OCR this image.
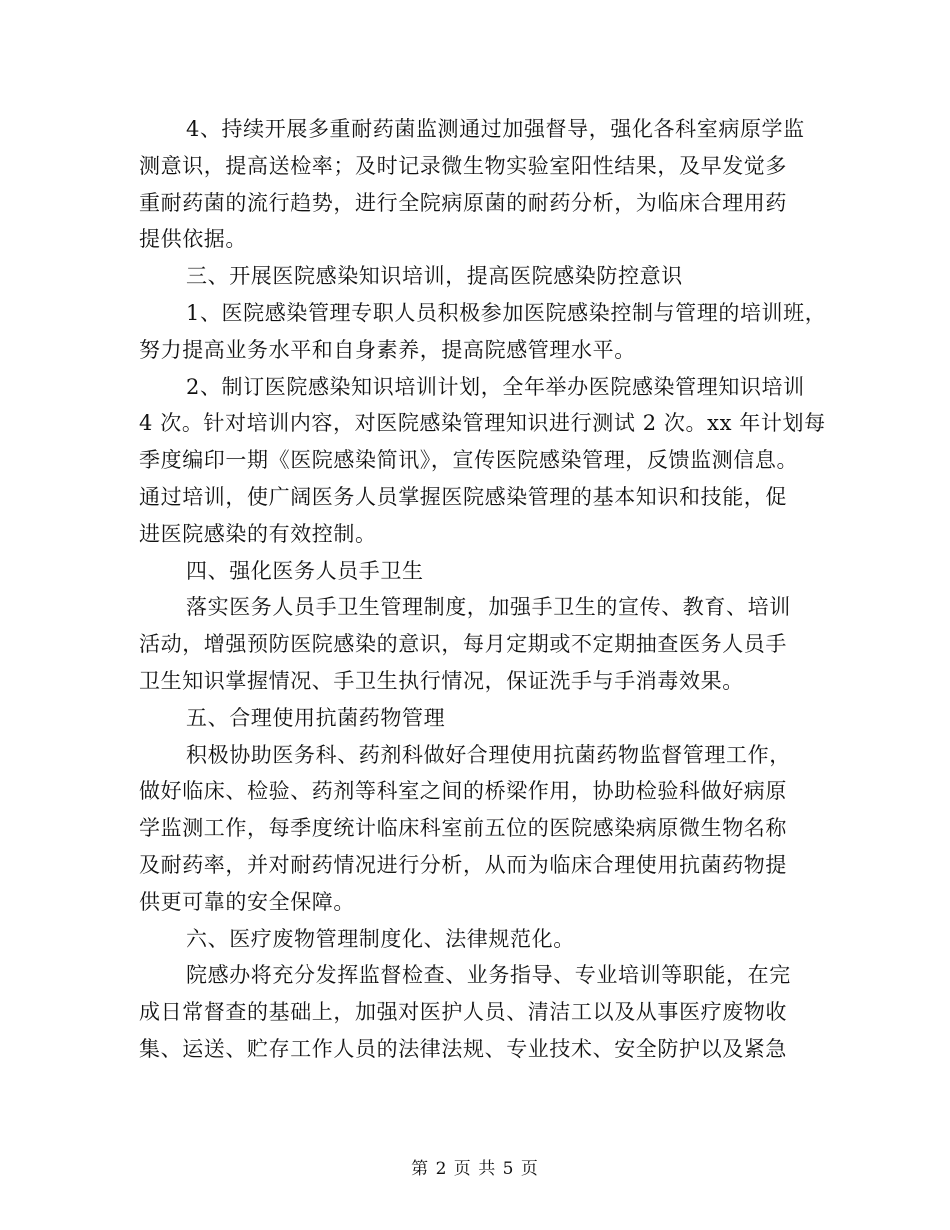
4、持续开展多重耐药菌监测通过加强督导，强化各科室病原学监
测意识，提高送检率；及时记录微生物实验室阳性结果，及早发觉多
重耐药菌的流行趋势，进行全院病原菌的耐药分析，为临床合理用药
提供依据。
三、开展医院感染知识培训，提高医院感染防控意识
1、医院感染管理专职人员积极参加医院感染控制与管理的培训班，
努力提高业务水平和自身素养，提高院感管理水平。
2、制订医院感染知识培训计划，全年举办医院感染管理知识培训
4 次。针对培训内容，对医院感染管理知识进行测试 2 次。xx 年计划每
季度编印一期《医院感染简讯》，宣传医院感染管理，反馈监测信息。
通过培训，使广阔医务人员掌握医院感染管理的基本知识和技能，促
进医院感染的有效控制。
四、强化医务人员手卫生
落实医务人员手卫生管理制度，加强手卫生的宣传、教育、培训
活动，增强预防医院感染的意识，每月定期或不定期抽查医务人员手
卫生知识掌握情况、手卫生执行情况，保证洗手与手消毒效果。
五、合理使用抗菌药物管理
积极协助医务科、药剂科做好合理使用抗菌药物监督管理工作，
做好临床、检验、药剂等科室之间的桥梁作用，协助检验科做好病原
学监测工作，每季度统计临床科室前五位的医院感染病原微生物名称
及耐药率，并对耐药情况进行分析，从而为临床合理使用抗菌药物提
供更可靠的安全保障。
六、医疗废物管理制度化、法律规范化。
院感办将充分发挥监督检查、业务指导、专业培训等职能，在完
成日常督查的基础上，加强对医护人员、清洁工以及从事医疗废物收
集、运送、贮存工作人员的法律法规、专业技术、安全防护以及紧急
第 2 页 共 5 页
